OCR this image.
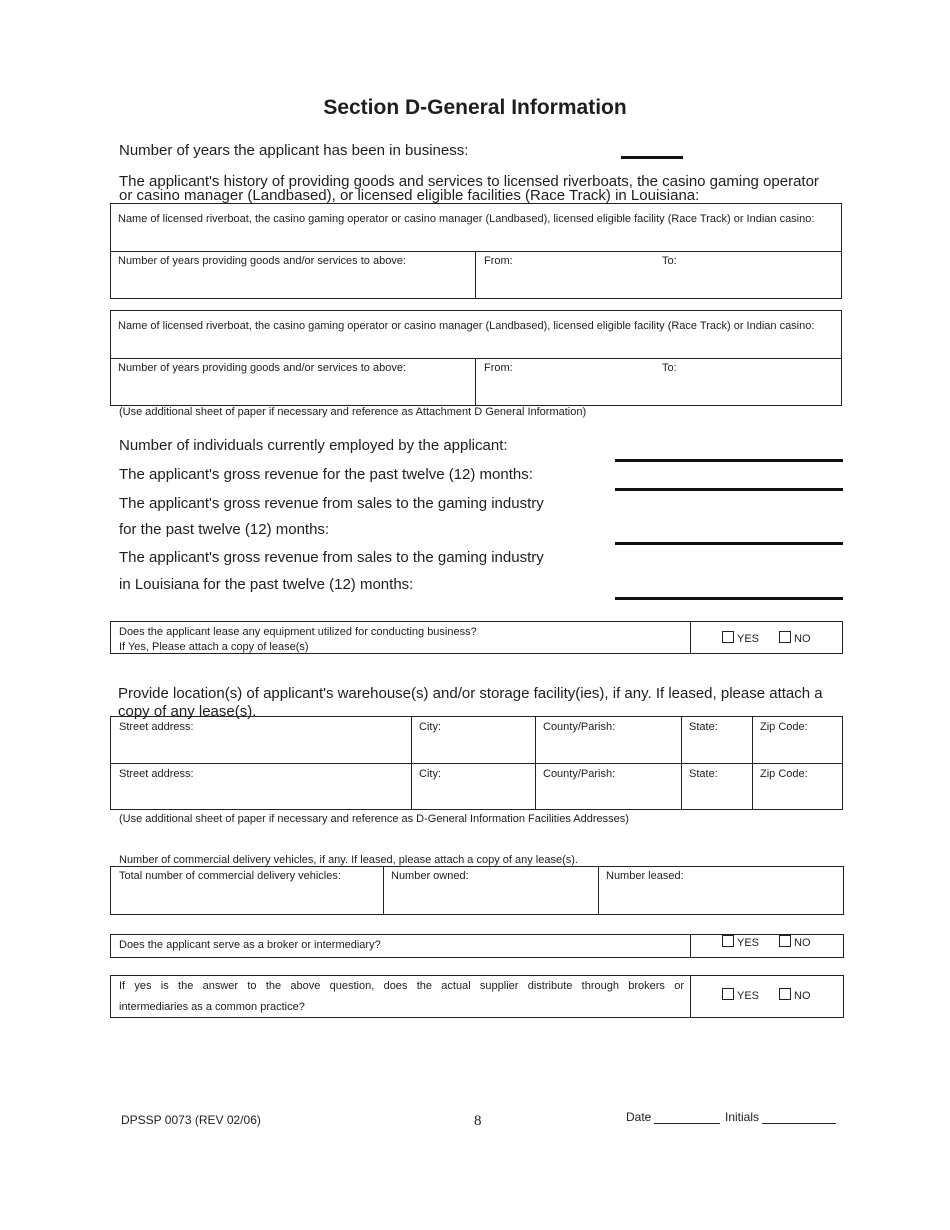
Section D-General Information
Number of years the applicant has been in business:
The applicant's history of providing goods and services to licensed riverboats, the casino gaming operator or casino manager (Landbased), or licensed eligible facilities (Race Track) in Louisiana:
Name of licensed riverboat, the casino gaming operator or casino manager (Landbased), licensed eligible facility (Race Track) or Indian casino:
Number of years providing goods and/or services to above:	From:	To:
Name of licensed riverboat, the casino gaming operator or casino manager (Landbased), licensed eligible facility (Race Track) or Indian casino:
Number of years providing goods and/or services to above:	From:	To:
(Use additional sheet of paper if necessary and reference as Attachment D General Information)
Number of individuals currently employed by the applicant:
The applicant's gross revenue for the past twelve (12) months:
The applicant's gross revenue from sales to the gaming industry
for the past twelve (12) months:
The applicant's gross revenue from sales to the gaming industry
in Louisiana for the past twelve (12) months:
Does the applicant lease any equipment utilized for conducting business?
If Yes, Please attach a copy of lease(s)
YES	NO
Provide location(s) of applicant's warehouse(s) and/or storage facility(ies), if any. If leased, please attach a
copy of any lease(s).
Street address:	City:	County/Parish:	State:	Zip Code:
Street address:	City:	County/Parish:	State:	Zip Code:
(Use additional sheet of paper if necessary and reference as D-General Information Facilities Addresses)
Number of commercial delivery vehicles, if any. If leased, please attach a copy of any lease(s).
Total number of commercial delivery vehicles:	Number owned:	Number leased:
Does the applicant serve as a broker or intermediary?	YES	NO
If yes is the answer to the above question, does the actual supplier distribute through brokers or
intermediaries as a common practice?
YES	NO
DPSSP 0073 (REV 02/06)	8	Date	Initials
